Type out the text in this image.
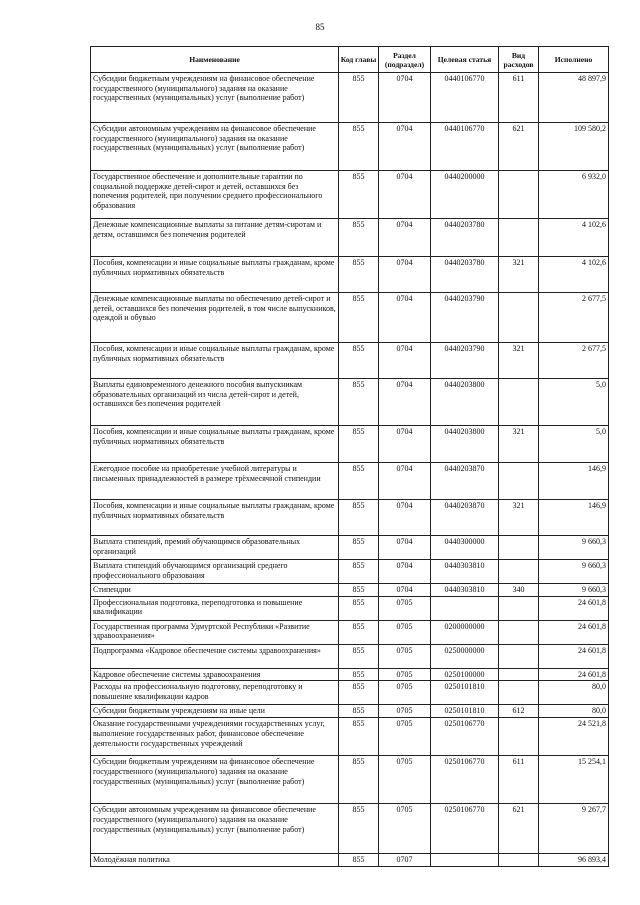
85
Наименование	Код главы	Раздел (подраздел)	Целевая статья	Вид расходов	Исполнено
Субсидии бюджетным учреждениям на финансовое обеспечение государственного (муниципального) задания на оказание государственных (муниципальных) услуг (выполнение работ)	855	0704	0440106770	611	48 897,9
Субсидии автономным учреждениям на финансовое обеспечение государственного (муниципального) задания на оказание государственных (муниципальных) услуг (выполнение работ)	855	0704	0440106770	621	109 580,2
Государственное обеспечение и дополнительные гарантии по социальной поддержке детей-сирот и детей, оставшихся без попечения родителей, при получении среднего профессионального образования	855	0704	0440200000		6 932,0
Денежные компенсационные выплаты за питание детям-сиротам и детям, оставшимся без попечения родителей	855	0704	0440203780		4 102,6
Пособия, компенсации и иные социальные выплаты гражданам, кроме публичных нормативных обязательств	855	0704	0440203780	321	4 102,6
Денежные компенсационные выплаты по обеспечению детей-сирот и детей, оставшихся без попечения родителей, в том числе выпускников, одеждой и обувью	855	0704	0440203790		2 677,5
Пособия, компенсации и иные социальные выплаты гражданам, кроме публичных нормативных обязательств	855	0704	0440203790	321	2 677,5
Выплаты единовременного денежного пособия выпускникам образовательных организаций из числа детей-сирот и детей, оставшихся без попечения родителей	855	0704	0440203800		5,0
Пособия, компенсации и иные социальные выплаты гражданам, кроме публичных нормативных обязательств	855	0704	0440203800	321	5,0
Ежегодное пособие на приобретение учебной литературы и письменных принадлежностей в размере трёхмесячной стипендии	855	0704	0440203870		146,9
Пособия, компенсации и иные социальные выплаты гражданам, кроме публичных нормативных обязательств	855	0704	0440203870	321	146,9
Выплата стипендий, премий обучающимся образовательных организаций	855	0704	0440300000		9 660,3
Выплата стипендий обучающимся организаций среднего профессионального образования	855	0704	0440303810		9 660,3
Стипендии	855	0704	0440303810	340	9 660,3
Профессиональная подготовка, переподготовка и повышение квалификации	855	0705			24 601,8
Государственная программа Удмуртской Республики «Развитие здравоохранения»	855	0705	0200000000		24 601,8
Подпрограмма «Кадровое обеспечение системы здравоохранения»	855	0705	0250000000		24 601,8
Кадровое обеспечение системы здравоохранения	855	0705	0250100000		24 601,8
Расходы на профессиональную подготовку, переподготовку и повышение квалификации кадров	855	0705	0250101810		80,0
Субсидии бюджетным учреждениям на иные цели	855	0705	0250101810	612	80,0
Оказание государственными учреждениями государственных услуг, выполнение государственных работ, финансовое обеспечение деятельности государственных учреждений	855	0705	0250106770		24 521,8
Субсидии бюджетным учреждениям на финансовое обеспечение государственного (муниципального) задания на оказание государственных (муниципальных) услуг (выполнение работ)	855	0705	0250106770	611	15 254,1
Субсидии автономным учреждениям на финансовое обеспечение государственного (муниципального) задания на оказание государственных (муниципальных) услуг (выполнение работ)	855	0705	0250106770	621	9 267,7
Молодёжная политика	855	0707			96 893,4
